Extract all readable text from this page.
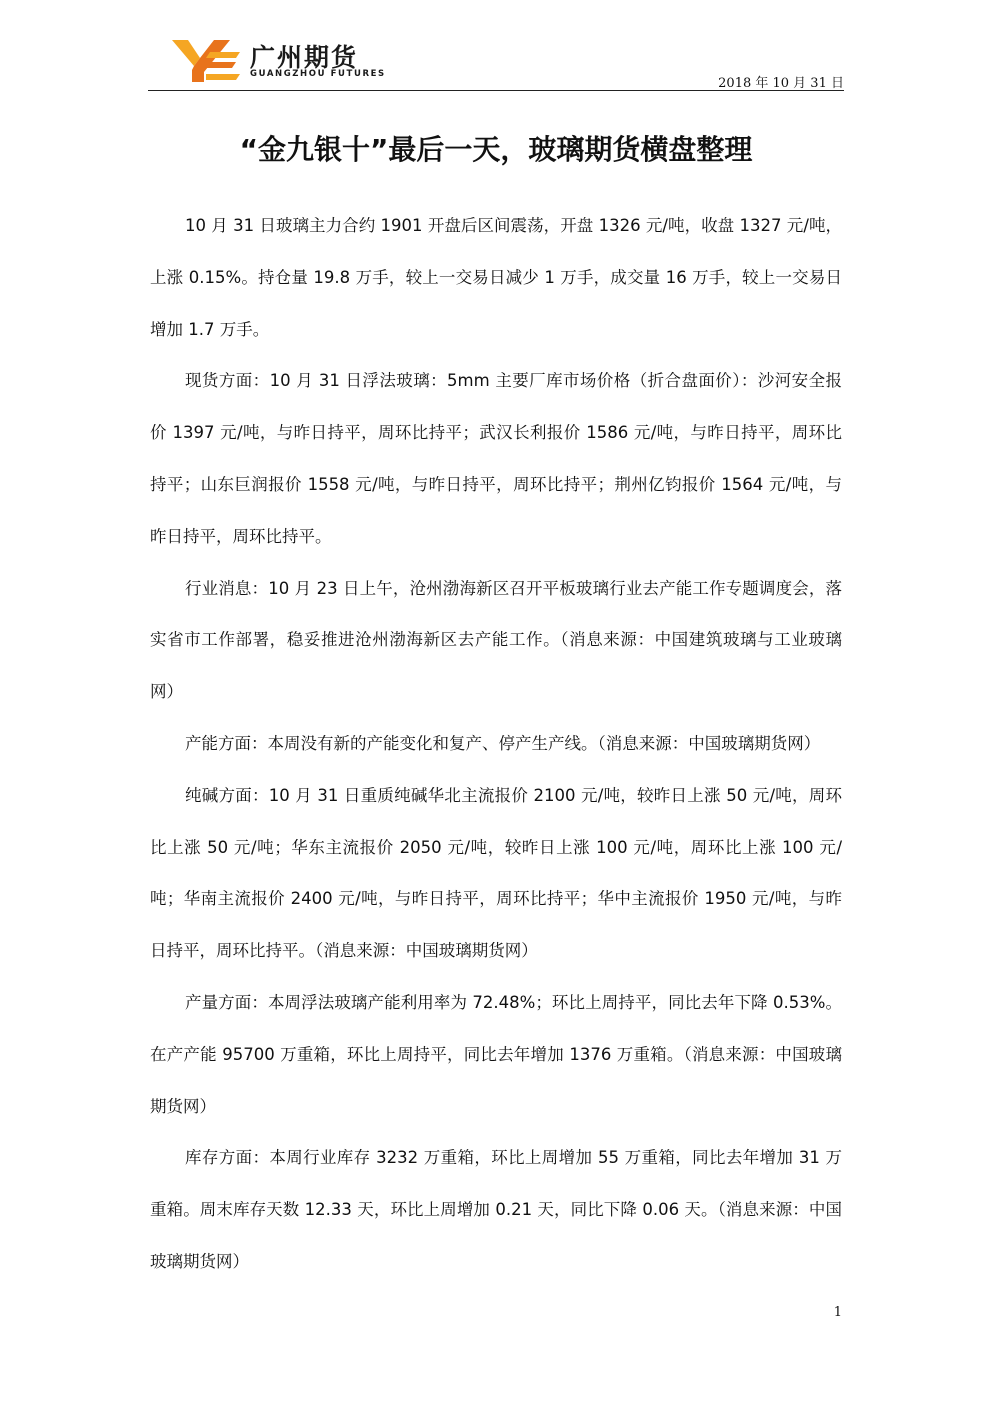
广州期货
GUANGZHOU FUTURES
2018 年 10 月 31 日
“金九银十”最后一天，玻璃期货横盘整理

10 月 31 日玻璃主力合约 1901 开盘后区间震荡，开盘 1326 元/吨，收盘 1327 元/吨，上涨 0.15%。持仓量 19.8 万手，较上一交易日减少 1 万手，成交量 16 万手，较上一交易日增加 1.7 万手。

现货方面：10 月 31 日浮法玻璃：5mm 主要厂库市场价格（折合盘面价）：沙河安全报价 1397 元/吨，与昨日持平，周环比持平；武汉长利报价 1586 元/吨，与昨日持平，周环比持平；山东巨润报价 1558 元/吨，与昨日持平，周环比持平；荆州亿钧报价 1564 元/吨，与昨日持平，周环比持平。

行业消息：10 月 23 日上午，沧州渤海新区召开平板玻璃行业去产能工作专题调度会，落实省市工作部署，稳妥推进沧州渤海新区去产能工作。（消息来源：中国建筑玻璃与工业玻璃网）

产能方面：本周没有新的产能变化和复产、停产生产线。（消息来源：中国玻璃期货网）

纯碱方面：10 月 31 日重质纯碱华北主流报价 2100 元/吨，较昨日上涨 50 元/吨，周环比上涨 50 元/吨；华东主流报价 2050 元/吨，较昨日上涨 100 元/吨，周环比上涨 100 元/吨；华南主流报价 2400 元/吨，与昨日持平，周环比持平；华中主流报价 1950 元/吨，与昨日持平，周环比持平。（消息来源：中国玻璃期货网）

产量方面：本周浮法玻璃产能利用率为 72.48%；环比上周持平，同比去年下降 0.53%。在产产能 95700 万重箱，环比上周持平，同比去年增加 1376 万重箱。（消息来源：中国玻璃期货网）

库存方面：本周行业库存 3232 万重箱，环比上周增加 55 万重箱，同比去年增加 31 万重箱。周末库存天数 12.33 天，环比上周增加 0.21 天，同比下降 0.06 天。（消息来源：中国玻璃期货网）

1
